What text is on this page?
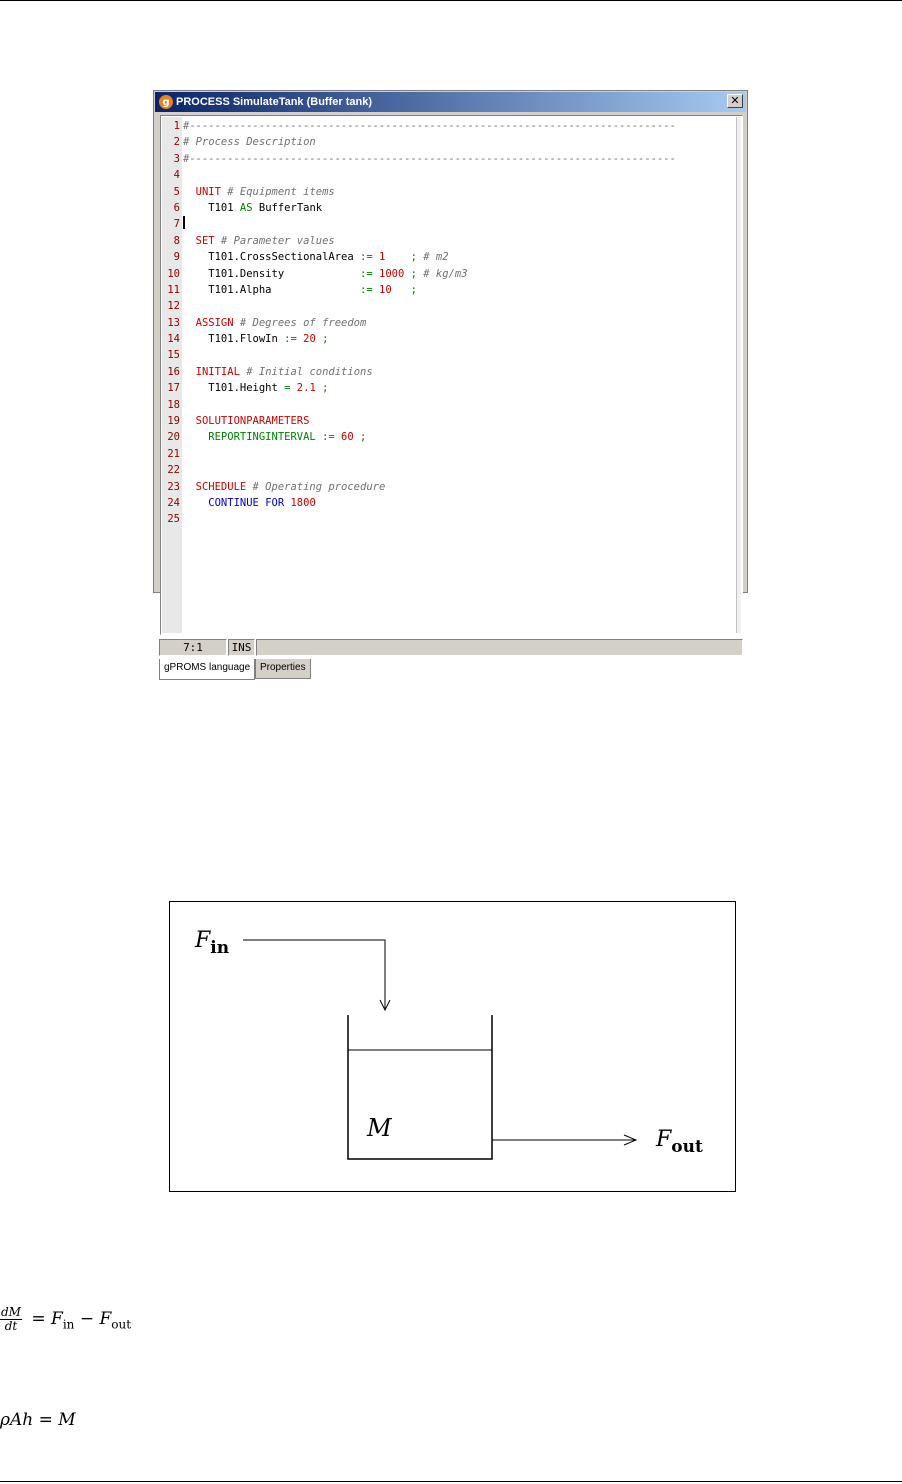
g PROCESS SimulateTank (Buffer tank)	✕
1 #-----------------------------------------------------------------------------
2 # Process Description
3 #-----------------------------------------------------------------------------
4
5  UNIT # Equipment items
6    T101 AS BufferTank
7
8  SET # Parameter values
9    T101.CrossSectionalArea := 1    ; # m2
10    T101.Density            := 1000 ; # kg/m3
11    T101.Alpha              := 10   ;
12
13  ASSIGN # Degrees of freedom
14    T101.FlowIn := 20 ;
15
16  INITIAL # Initial conditions
17    T101.Height = 2.1 ;
18
19  SOLUTIONPARAMETERS
20    REPORTINGINTERVAL := 60 ;
21
22
23  SCHEDULE # Operating procedure
24    CONTINUE FOR 1800
25
7:1	INS
gPROMS language Properties
$F_{in}$
M	$F_{out}$
$\frac{dM}{dt} = F_{in} - F_{out}$
ρAh = M
